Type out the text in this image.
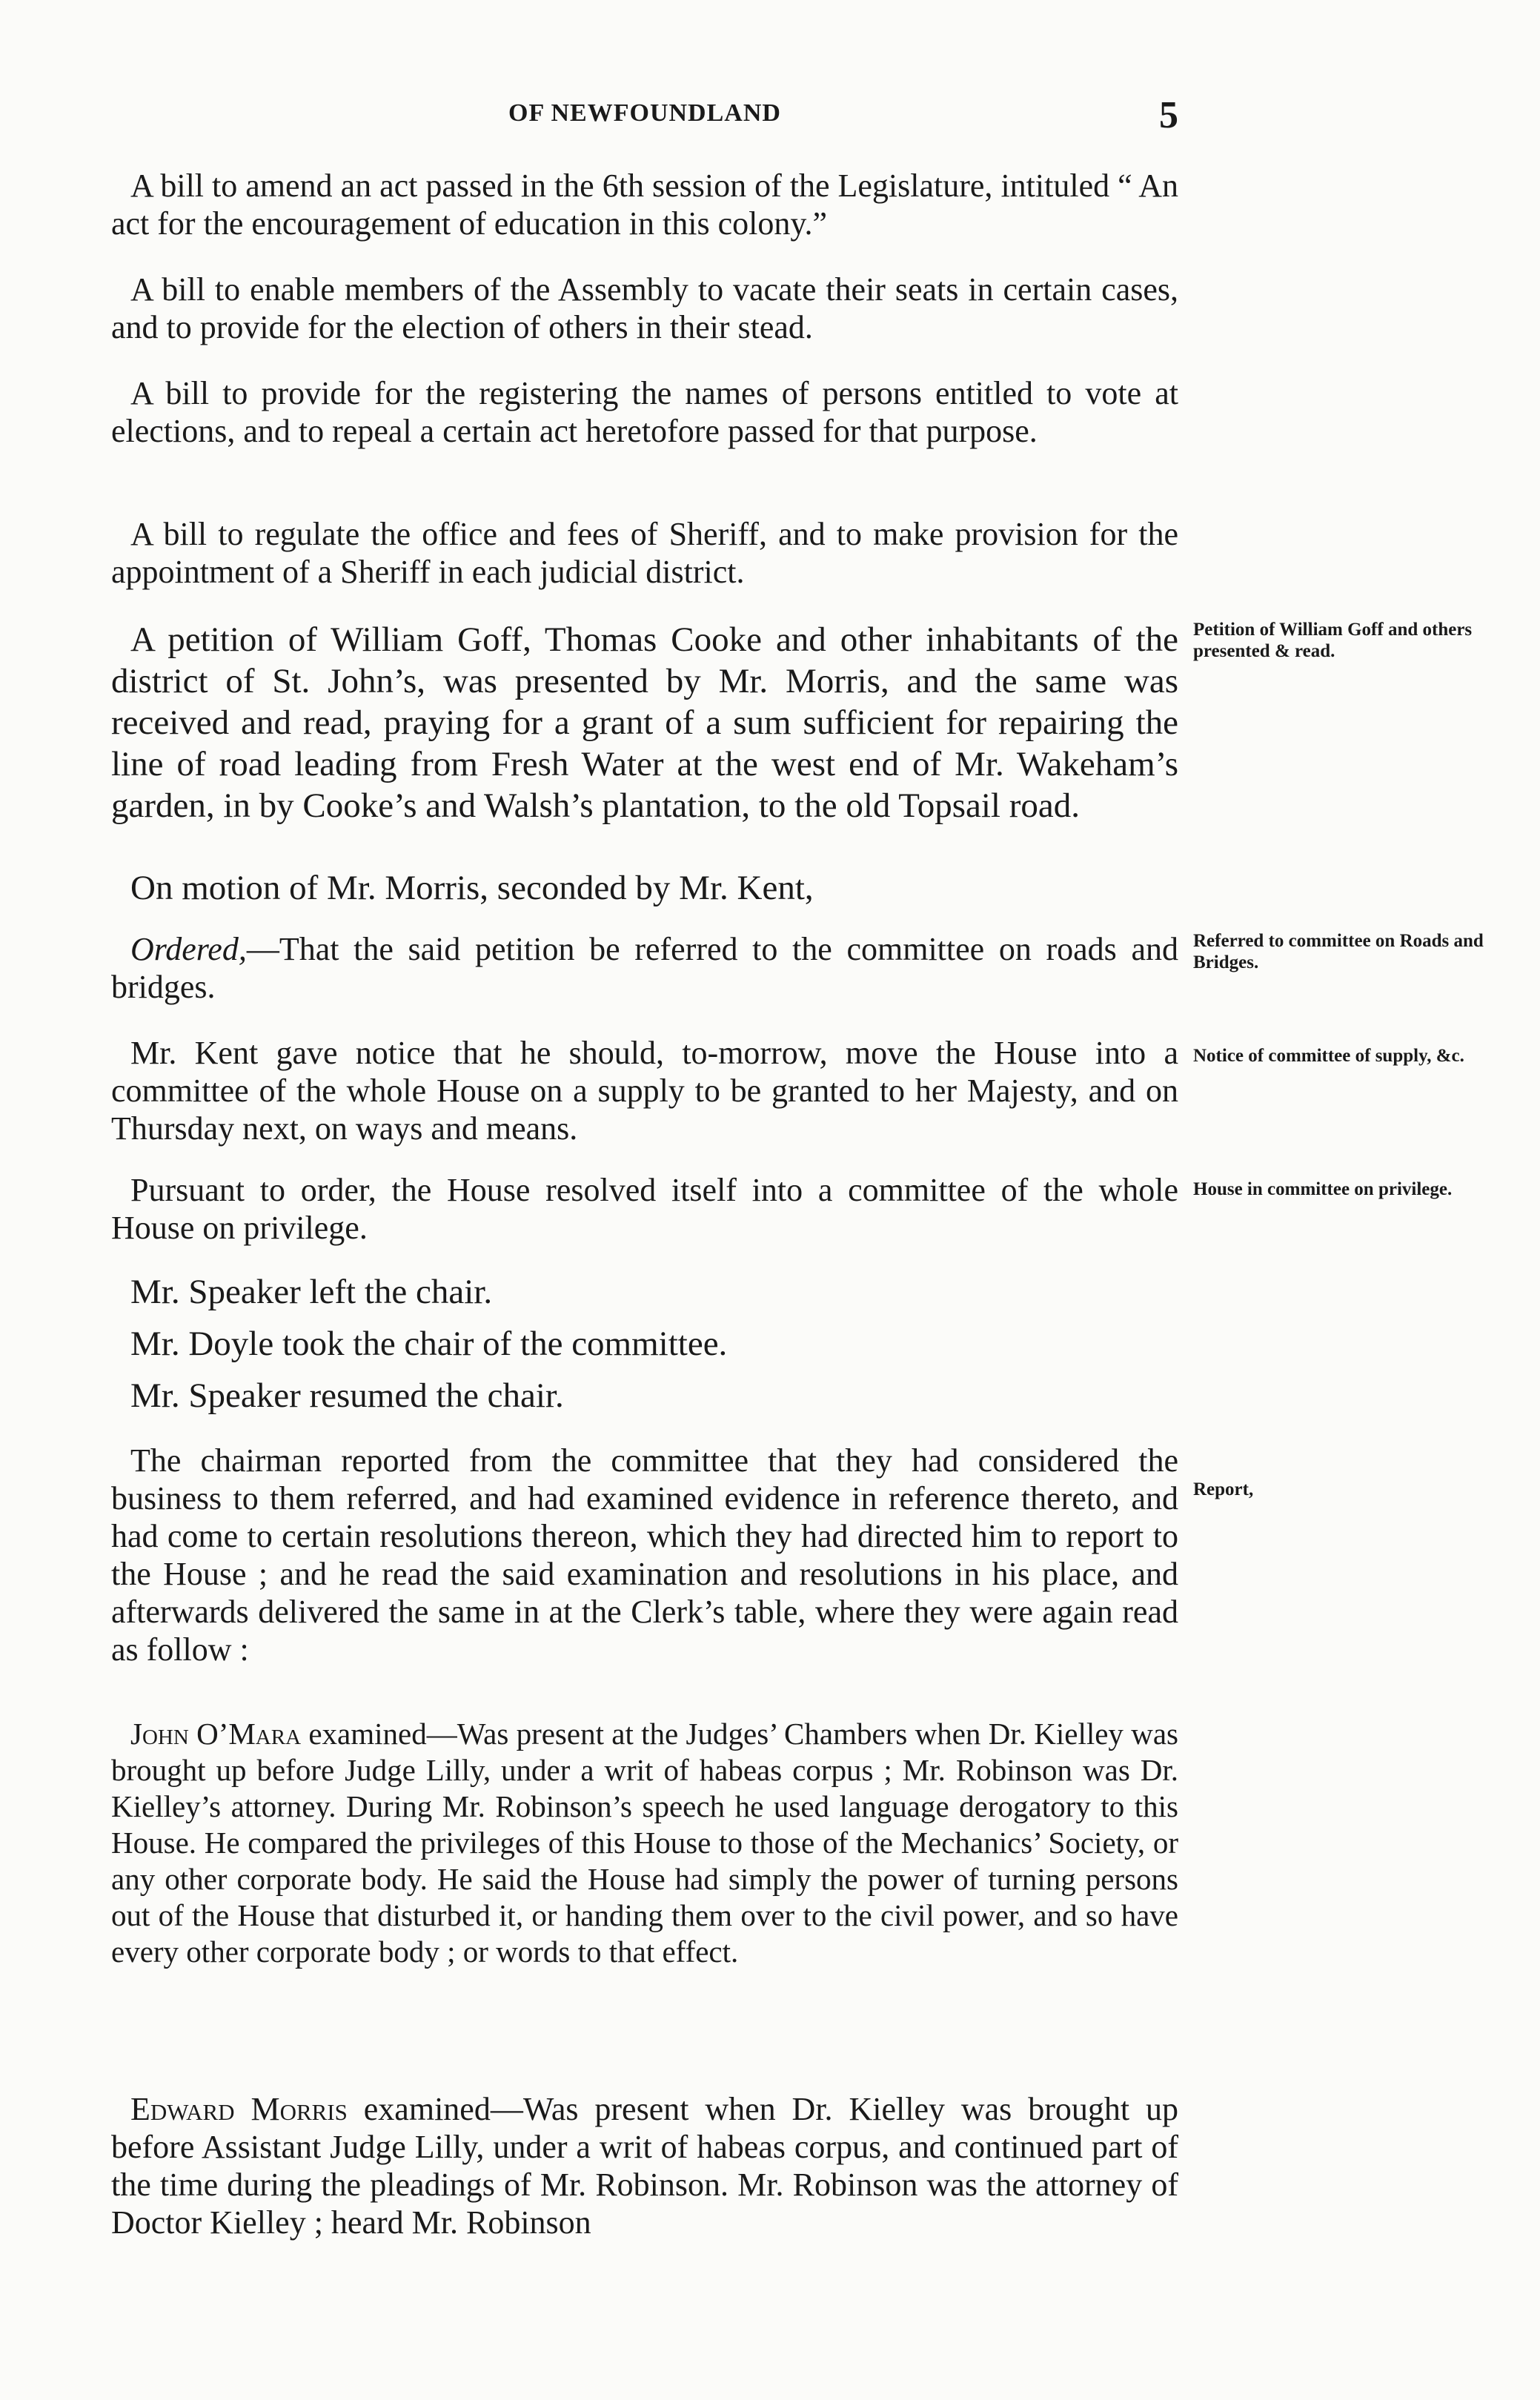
OF NEWFOUNDLAND	5

A bill to amend an act passed in the 6th session of the Legislature, intituled “ An act for the encouragement of education in this colony.”

A bill to enable members of the Assembly to vacate their seats in certain cases, and to provide for the election of others in their stead.

A bill to provide for the registering the names of persons entitled to vote at elections, and to repeal a certain act heretofore passed for that purpose.

A bill to regulate the office and fees of Sheriff, and to make provision for the appointment of a Sheriff in each judicial district.

A petition of William Goff, Thomas Cooke and other inhabitants of the district of St. John’s, was presented by Mr. Morris, and the same was received and read, praying for a grant of a sum sufficient for repairing the line of road leading from Fresh Water at the west end of Mr. Wakeham’s garden, in by Cooke’s and Walsh’s plantation, to the old Topsail road.

On motion of Mr. Morris, seconded by Mr. Kent,

Ordered,—That the said petition be referred to the committee on roads and bridges.

Mr. Kent gave notice that he should, to-morrow, move the House into a committee of the whole House on a supply to be granted to her Majesty, and on Thursday next, on ways and means.

Pursuant to order, the House resolved itself into a committee of the whole House on privilege.

Mr. Speaker left the chair.

Mr. Doyle took the chair of the committee.

Mr. Speaker resumed the chair.

The chairman reported from the committee that they had considered the business to them referred, and had examined evidence in reference thereto, and had come to certain resolutions thereon, which they had directed him to report to the House ; and he read the said examination and resolutions in his place, and afterwards delivered the same in at the Clerk’s table, where they were again read as follow :

John O’Mara examined—Was present at the Judges’ Chambers when Dr. Kielley was brought up before Judge Lilly, under a writ of habeas corpus ; Mr. Robinson was Dr. Kielley’s attorney. During Mr. Robinson’s speech he used language derogatory to this House. He compared the privileges of this House to those of the Mechanics’ Society, or any other corporate body. He said the House had simply the power of turning persons out of the House that disturbed it, or handing them over to the civil power, and so have every other corporate body ; or words to that effect.

Edward Morris examined—Was present when Dr. Kielley was brought up before Assistant Judge Lilly, under a writ of habeas corpus, and continued part of the time during the pleadings of Mr. Robinson. Mr. Robinson was the attorney of Doctor Kielley ; heard Mr. Robinson

Petition of William Goff and others presented & read.
Referred to committee on Roads and Bridges.
Notice of committee of supply, &c.
House in committee on privilege.
Report,
